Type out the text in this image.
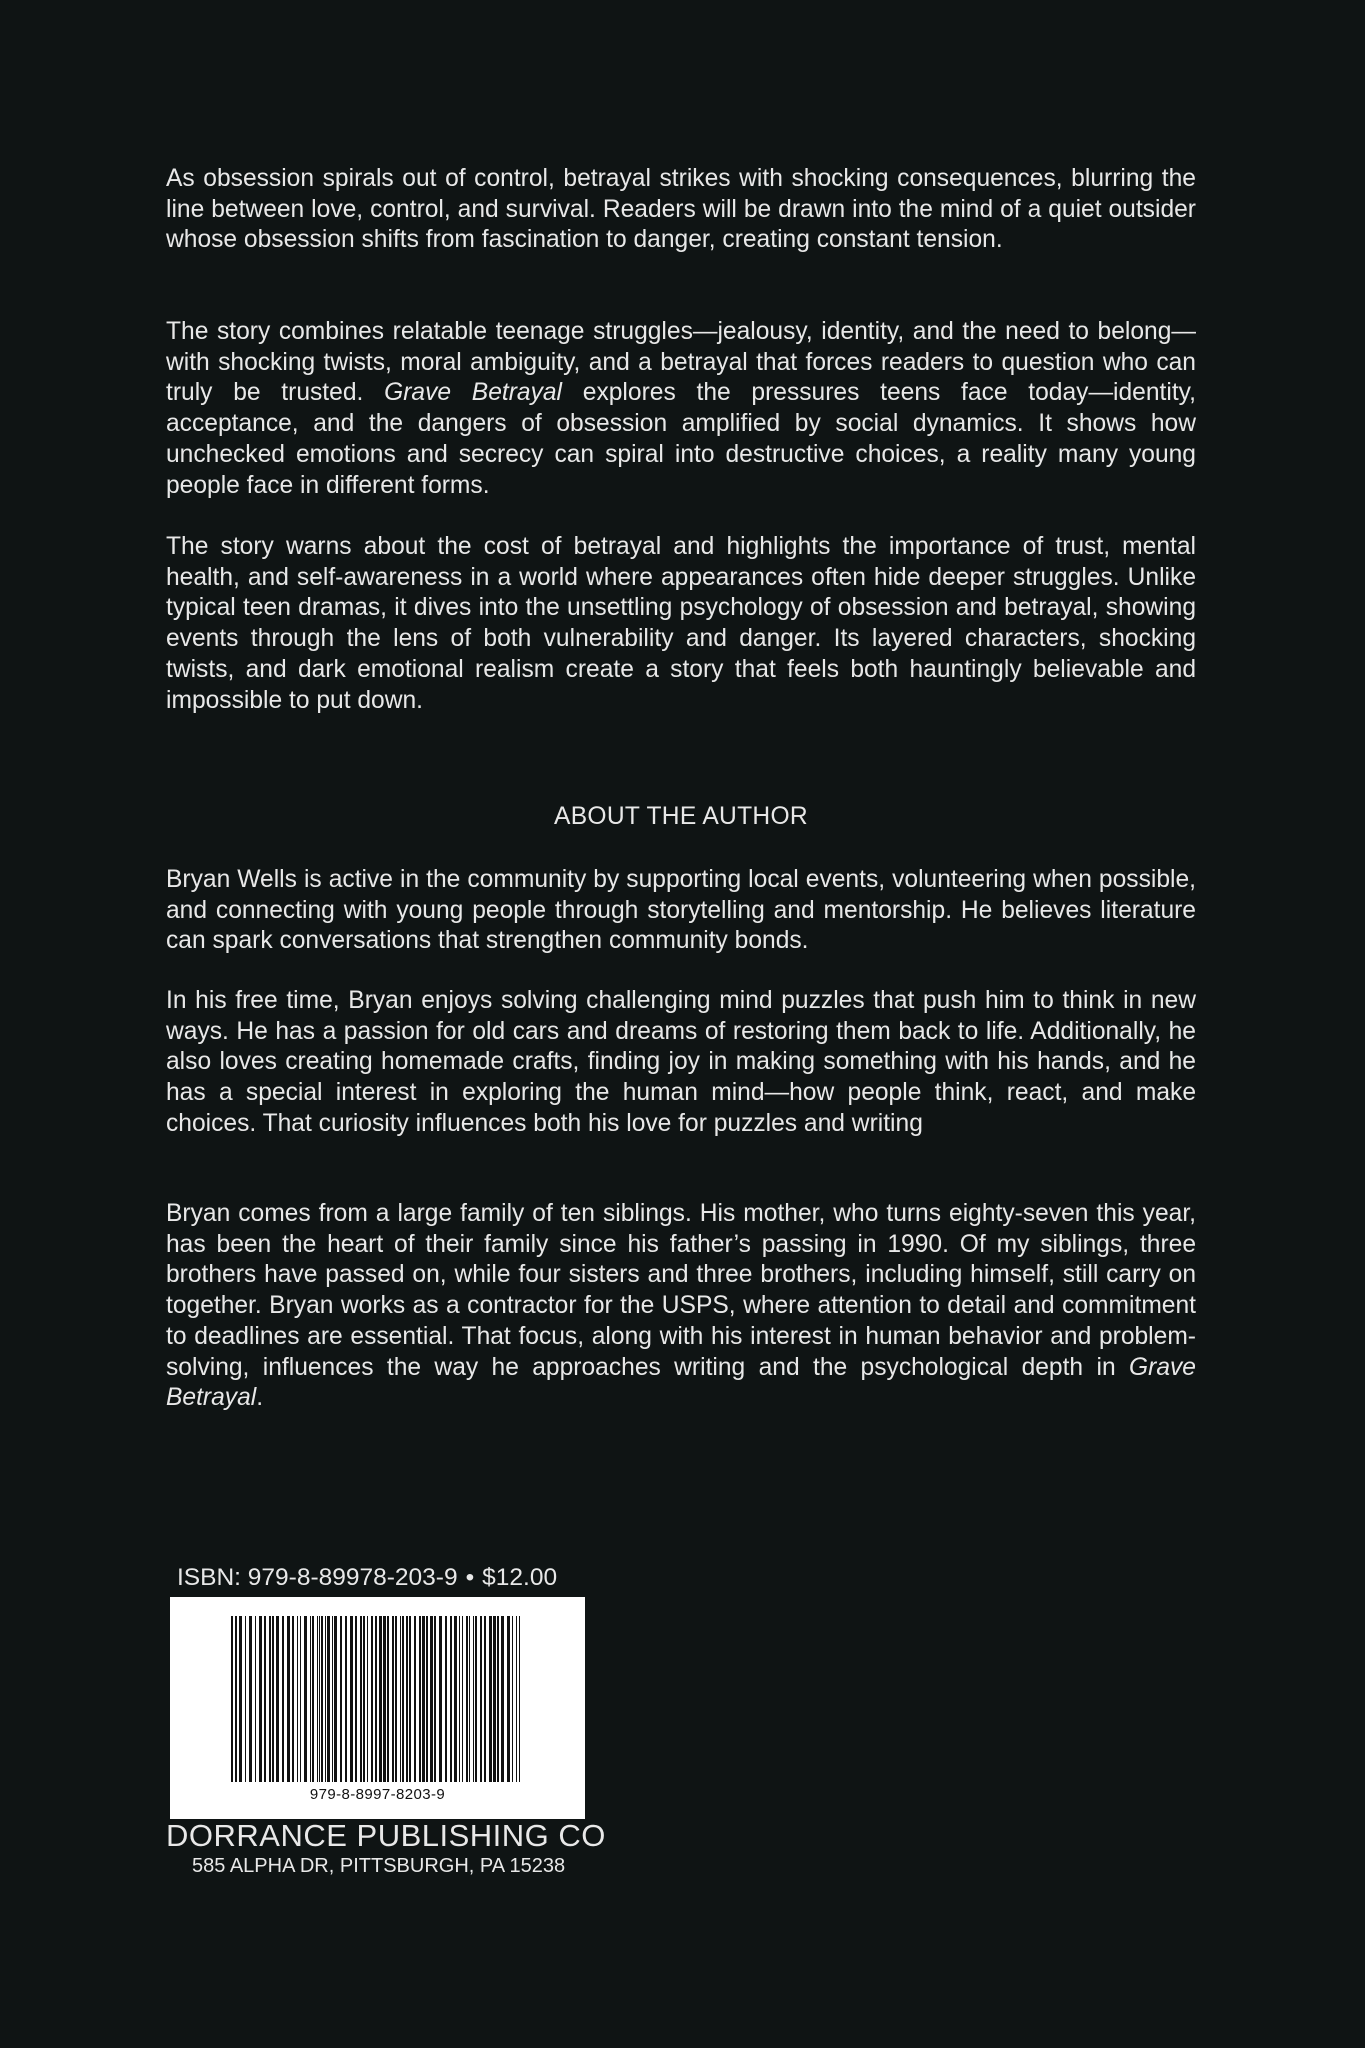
As obsession spirals out of control, betrayal strikes with shocking consequences, blurring the line between love, control, and survival. Readers will be drawn into the mind of a quiet outsider whose obsession shifts from fascination to danger, creating constant tension.

The story combines relatable teenage struggles—jealousy, identity, and the need to belong—with shocking twists, moral ambiguity, and a betrayal that forces readers to question who can truly be trusted. Grave Betrayal explores the pressures teens face today—identity, acceptance, and the dangers of obsession amplified by social dynamics. It shows how unchecked emotions and secrecy can spiral into destructive choices, a reality many young people face in different forms.

The story warns about the cost of betrayal and highlights the importance of trust, mental health, and self-awareness in a world where appearances often hide deeper struggles. Unlike typical teen dramas, it dives into the unsettling psychology of obsession and betrayal, showing events through the lens of both vulnerability and danger. Its layered characters, shocking twists, and dark emotional realism create a story that feels both hauntingly believable and impossible to put down.

ABOUT THE AUTHOR

Bryan Wells is active in the community by supporting local events, volunteering when possible, and connecting with young people through storytelling and mentorship. He believes literature can spark conversations that strengthen community bonds.

In his free time, Bryan enjoys solving challenging mind puzzles that push him to think in new ways. He has a passion for old cars and dreams of restoring them back to life. Additionally, he also loves creating homemade crafts, finding joy in making something with his hands, and he has a special interest in exploring the human mind—how people think, react, and make choices. That curiosity influences both his love for puzzles and writing

Bryan comes from a large family of ten siblings. His mother, who turns eighty-seven this year, has been the heart of their family since his father’s passing in 1990. Of my siblings, three brothers have passed on, while four sisters and three brothers, including himself, still carry on together. Bryan works as a contractor for the USPS, where attention to detail and commitment to deadlines are essential. That focus, along with his interest in human behavior and problem-solving, influences the way he approaches writing and the psychological depth in Grave Betrayal.

ISBN: 979-8-89978-203-9 • $12.00
979-8-8997-8203-9
DORRANCE PUBLISHING CO
585 ALPHA DR, PITTSBURGH, PA 15238
